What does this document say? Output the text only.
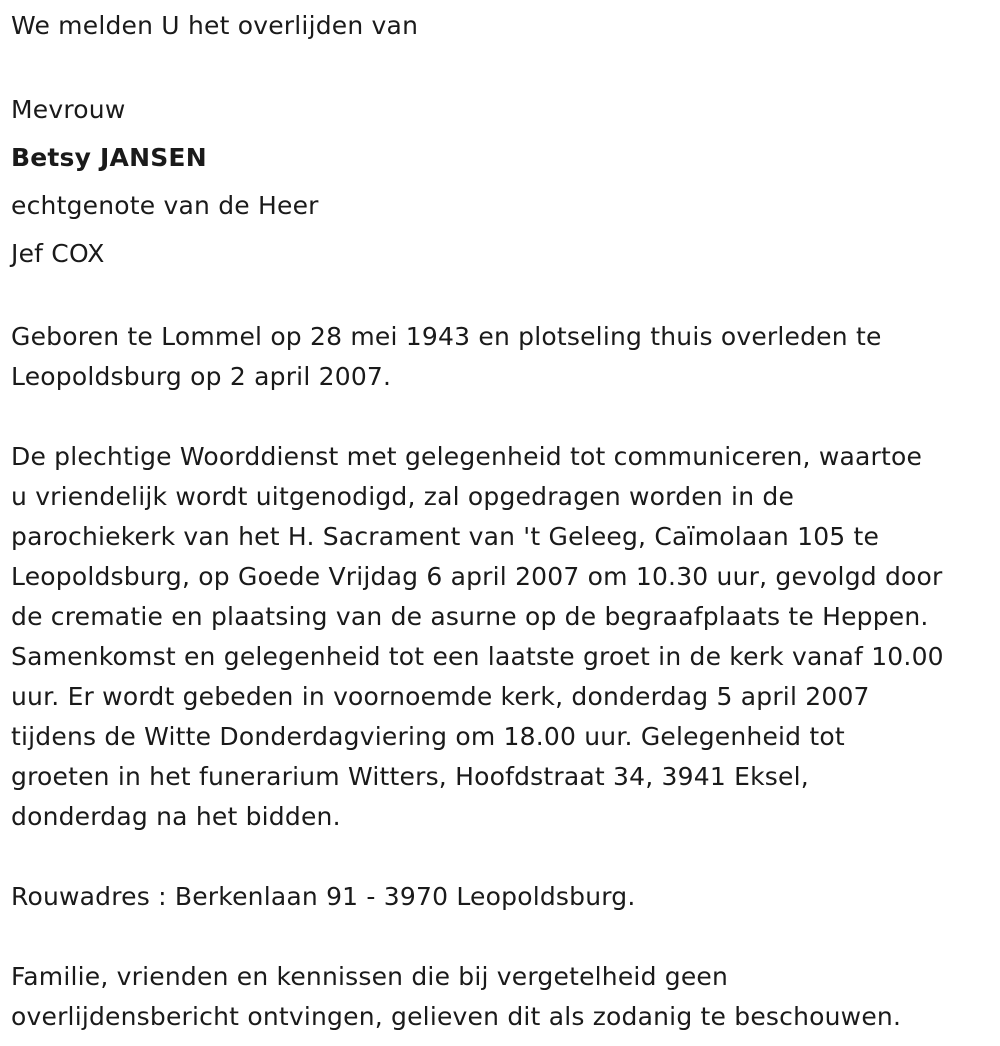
We melden U het overlijden van
Mevrouw
Betsy JANSEN
echtgenote van de Heer
Jef COX
Geboren te Lommel op 28 mei 1943 en plotseling thuis overleden te
Leopoldsburg op 2 april 2007.
De plechtige Woorddienst met gelegenheid tot communiceren, waartoe
u vriendelijk wordt uitgenodigd, zal opgedragen worden in de
parochiekerk van het H. Sacrament van 't Geleeg, Caïmolaan 105 te
Leopoldsburg, op Goede Vrijdag 6 april 2007 om 10.30 uur, gevolgd door
de crematie en plaatsing van de asurne op de begraafplaats te Heppen.
Samenkomst en gelegenheid tot een laatste groet in de kerk vanaf 10.00
uur. Er wordt gebeden in voornoemde kerk, donderdag 5 april 2007
tijdens de Witte Donderdagviering om 18.00 uur. Gelegenheid tot
groeten in het funerarium Witters, Hoofdstraat 34, 3941 Eksel,
donderdag na het bidden.
Rouwadres : Berkenlaan 91 - 3970 Leopoldsburg.
Familie, vrienden en kennissen die bij vergetelheid geen
overlijdensbericht ontvingen, gelieven dit als zodanig te beschouwen.
